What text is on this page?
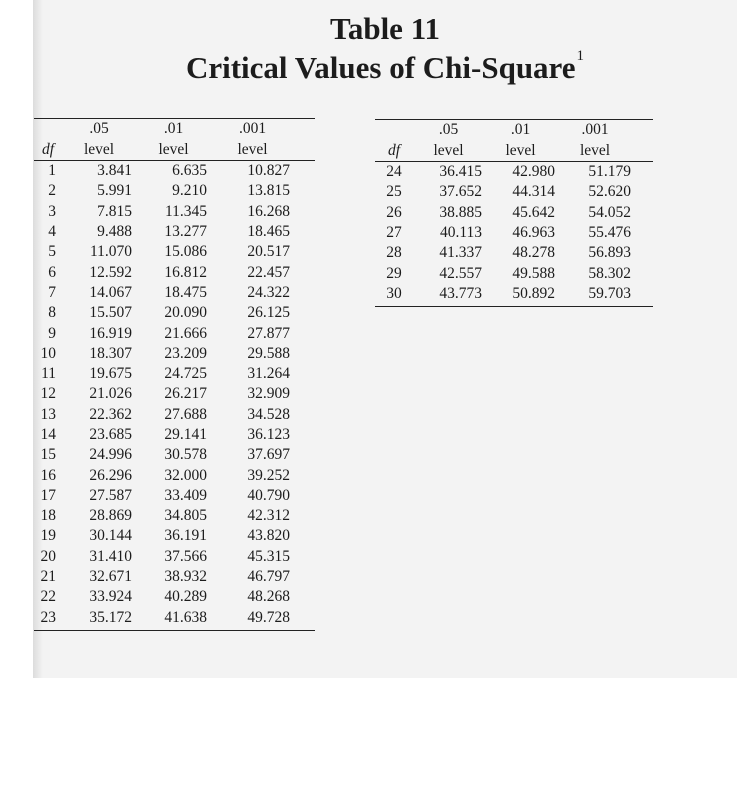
Table 11
Critical Values of Chi-Square$^1$
	.05	.01	.001	
df	level	level	level	
1	3.841	6.635	10.827	
2	5.991	9.210	13.815	
3	7.815	11.345	16.268	
4	9.488	13.277	18.465	
5	11.070	15.086	20.517	
6	12.592	16.812	22.457	
7	14.067	18.475	24.322	
8	15.507	20.090	26.125	
9	16.919	21.666	27.877	
10	18.307	23.209	29.588	
11	19.675	24.725	31.264	
12	21.026	26.217	32.909	
13	22.362	27.688	34.528	
14	23.685	29.141	36.123	
15	24.996	30.578	37.697	
16	26.296	32.000	39.252	
17	27.587	33.409	40.790	
18	28.869	34.805	42.312	
19	30.144	36.191	43.820	
20	31.410	37.566	45.315	
21	32.671	38.932	46.797	
22	33.924	40.289	48.268	
23	35.172	41.638	49.728	
	.05	.01	.001	
df	level	level	level	
24	36.415	42.980	51.179	
25	37.652	44.314	52.620	
26	38.885	45.642	54.052	
27	40.113	46.963	55.476	
28	41.337	48.278	56.893	
29	42.557	49.588	58.302	
30	43.773	50.892	59.703	
